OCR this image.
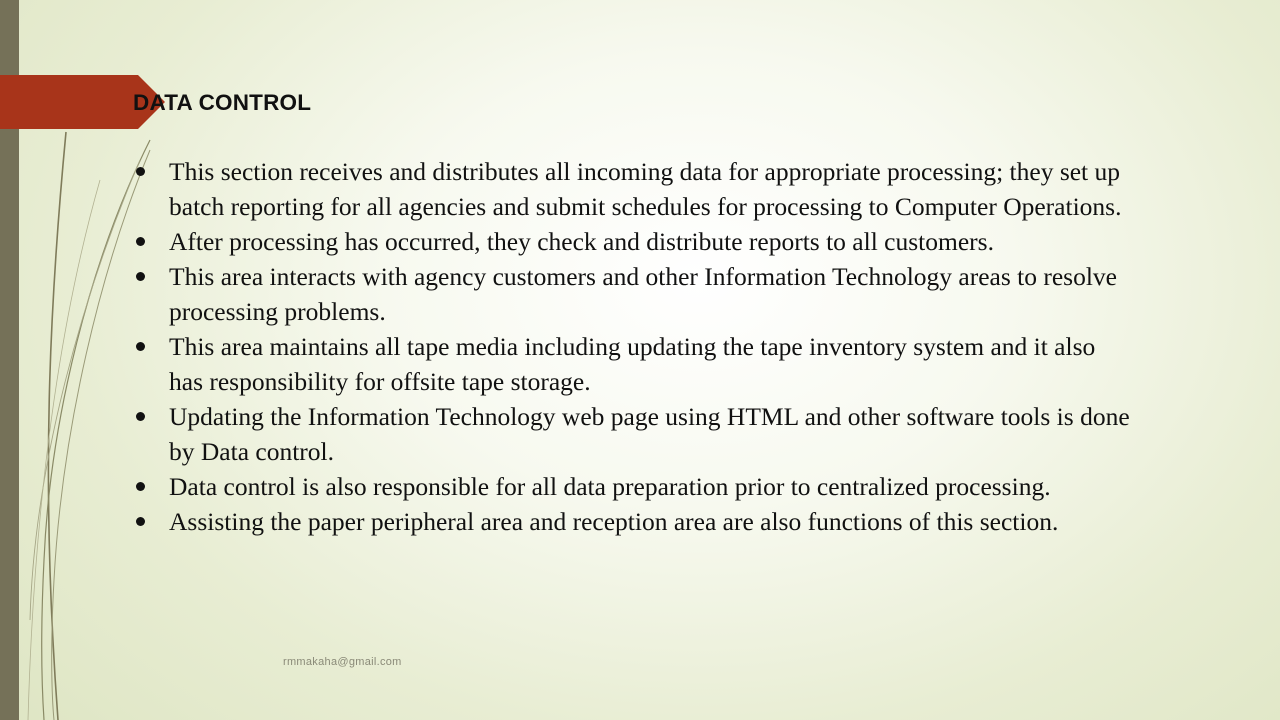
DATA CONTROL
This section receives and distributes all incoming data for appropriate processing; they set up batch reporting for all agencies and submit schedules for processing to Computer Operations.
After processing has occurred, they check and distribute reports to all customers.
This area interacts with agency customers and other Information Technology areas to resolve processing problems.
This area maintains all tape media including updating the tape inventory system and it also has responsibility for offsite tape storage.
Updating the Information Technology web page using HTML and other software tools is done by Data control.
Data control is also responsible for all data preparation prior to centralized processing.
Assisting the paper peripheral area and reception area are also functions of this section.
rmmakaha@gmail.com
